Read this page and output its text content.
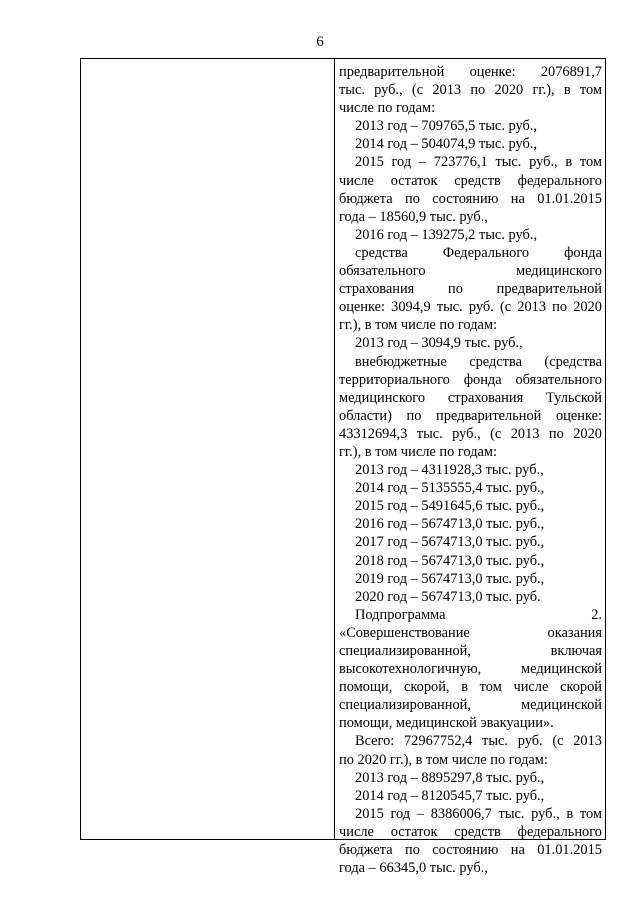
6
предварительной оценке: 2076891,7
тыс. руб., (с 2013 по 2020 гг.), в том
числе по годам:
2013 год – 709765,5 тыс. руб.,
2014 год – 504074,9 тыс. руб.,
2015 год – 723776,1 тыс. руб., в том
числе остаток средств федерального
бюджета по состоянию на 01.01.2015
года – 18560,9 тыс. руб.,
2016 год – 139275,2 тыс. руб.,
средства Федерального фонда
обязательного медицинского
страхования по предварительной
оценке: 3094,9 тыс. руб. (с 2013 по 2020
гг.), в том числе по годам:
2013 год – 3094,9 тыс. руб.,
внебюджетные средства (средства
территориального фонда обязательного
медицинского страхования Тульской
области) по предварительной оценке:
43312694,3 тыс. руб., (с 2013 по 2020
гг.), в том числе по годам:
2013 год – 4311928,3 тыс. руб.,
2014 год – 5135555,4 тыс. руб.,
2015 год – 5491645,6 тыс. руб.,
2016 год – 5674713,0 тыс. руб.,
2017 год – 5674713,0 тыс. руб.,
2018 год – 5674713,0 тыс. руб.,
2019 год – 5674713,0 тыс. руб.,
2020 год – 5674713,0 тыс. руб.
Подпрограмма 2.
«Совершенствование оказания
специализированной, включая
высокотехнологичную, медицинской
помощи, скорой, в том числе скорой
специализированной, медицинской
помощи, медицинской эвакуации».
Всего: 72967752,4 тыс. руб. (с 2013
по 2020 гг.), в том числе по годам:
2013 год – 8895297,8 тыс. руб.,
2014 год – 8120545,7 тыс. руб.,
2015 год – 8386006,7 тыс. руб., в том
числе остаток средств федерального
бюджета по состоянию на 01.01.2015
года – 66345,0 тыс. руб.,
